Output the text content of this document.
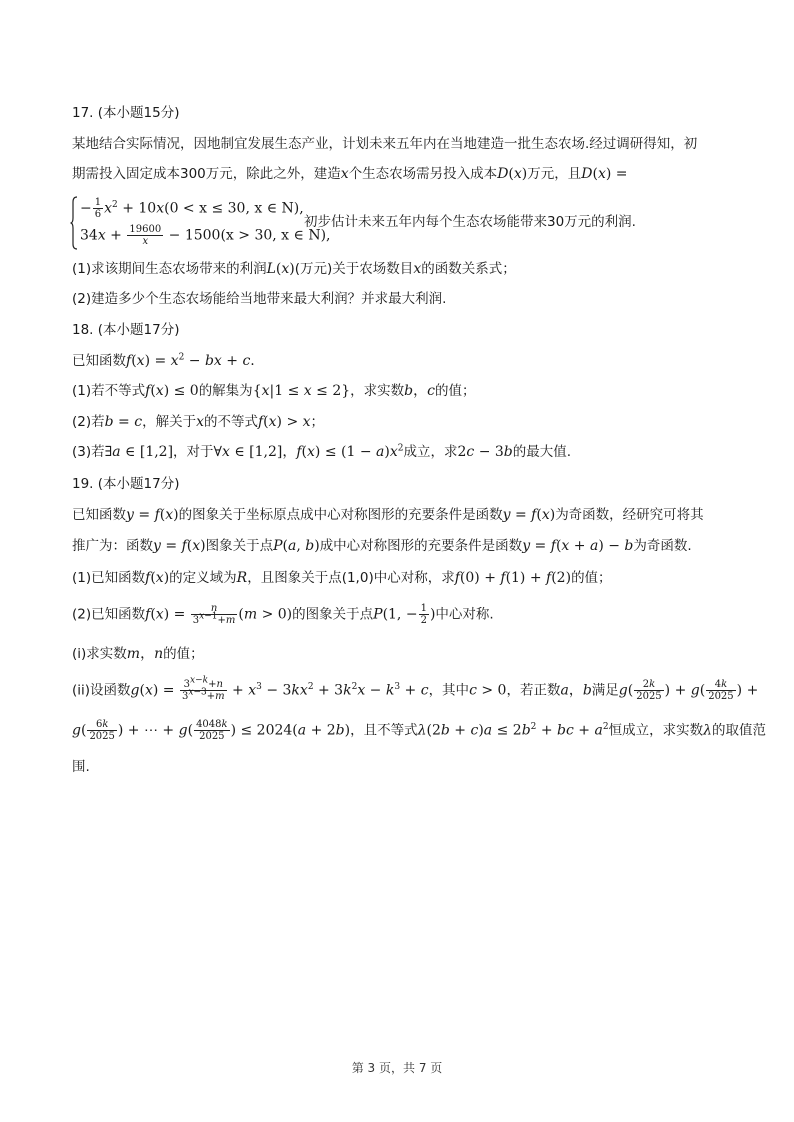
17. (本小题15分)
某地结合实际情况，因地制宜发展生态产业，计划未来五年内在当地建造一批生态农场.经过调研得知，初
期需投入固定成本300万元，除此之外，建造x个生态农场需另投入成本D(x)万元，且D(x) =
− $\frac{1}{6} x^2 + 10x(0 < x \le 30$, x ∈ N),
$34x + \frac{19600}{x} - 1500(x > 30$, x ∈ N),
初步估计未来五年内每个生态农场能带来30万元的利润.
(1)求该期间生态农场带来的利润L(x)(万元)关于农场数目x的函数关系式；
(2)建造多少个生态农场能给当地带来最大利润？并求最大利润.
18. (本小题17分)
已知函数$f(x) = x^2$ − bx + c.
(1)若不等式f(x) ≤ 0的解集为{x|1 ≤ x ≤ 2}，求实数b，c的值；
(2)若b = c，解关于x的不等式f(x) > x；
(3)若∃a ∈ [1,2]，对于∀x ∈ [1,2]，$f(x) \le (1 - a)x^2$成立，求2c − 3b的最大值.
19. (本小题17分)
已知函数y = f(x)的图象关于坐标原点成中心对称图形的充要条件是函数y = f(x)为奇函数，经研究可将其
推广为：函数y = f(x)图象关于点P(a, b)成中心对称图形的充要条件是函数y = f(x + a) − b为奇函数.
(1)已知函数f(x)的定义域为R，且图象关于点(1,0)中心对称，求f(0) + f(1) + f(2)的值；
(2)已知函数$f(x) = \frac{n}{3^{x-1}+m} (m > 0)$的图象关于点P(1, − $\frac{1}{2}$ )中心对称.
(i)求实数m，n的值；
(ii)设函数$g(x) = \frac{3^{x-k}+n}{3^{x-3}+m} + x^3 - 3kx^2 + 3k^2x - k^3 + c$，其中c > 0，若正数a，b满足$g( \frac{2k}{2025}$ ) + $g( \frac{4k}{2025}$ ) +
$g( \frac{6k}{2025}$ ) + ⋯ + $g( \frac{4048k}{2025}$ ) ≤ 2024(a + 2b)，且不等式$\lambda(2b + c)a \le 2b^2$ + bc + $a^2$恒成立，求实数λ的取值范
围.
第 3 页，共 7 页
